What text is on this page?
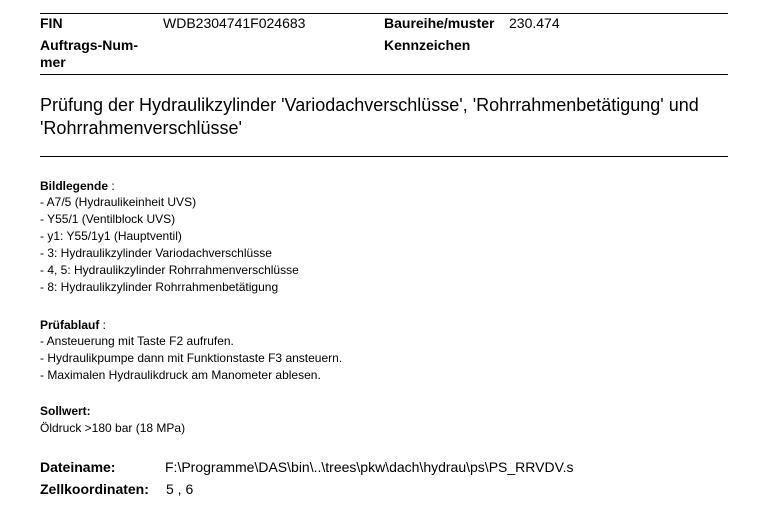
FIN	WDB2304741F024683
Auftrags-Num-
mer
Baureihe/muster 230.474
Kennzeichen
Prüfung der Hydraulikzylinder 'Variodachverschlüsse', 'Rohrrahmenbetätigung' und 'Rohrrahmenverschlüsse'
Bildlegende :
- A7/5 (Hydraulikeinheit UVS)
- Y55/1 (Ventilblock UVS)
- y1: Y55/1y1 (Hauptventil)
- 3: Hydraulikzylinder Variodachverschlüsse
- 4, 5: Hydraulikzylinder Rohrrahmenverschlüsse
- 8: Hydraulikzylinder Rohrrahmenbetätigung
Prüfablauf :
- Ansteuerung mit Taste F2 aufrufen.
- Hydraulikpumpe dann mit Funktionstaste F3 ansteuern.
- Maximalen Hydraulikdruck am Manometer ablesen.
Sollwert:
Öldruck >180 bar (18 MPa)
Dateiname:	F:\Programme\DAS\bin\..\trees\pkw\dach\hydrau\ps\PS_RRVDV.s
Zellkoordinaten: 5 , 6
